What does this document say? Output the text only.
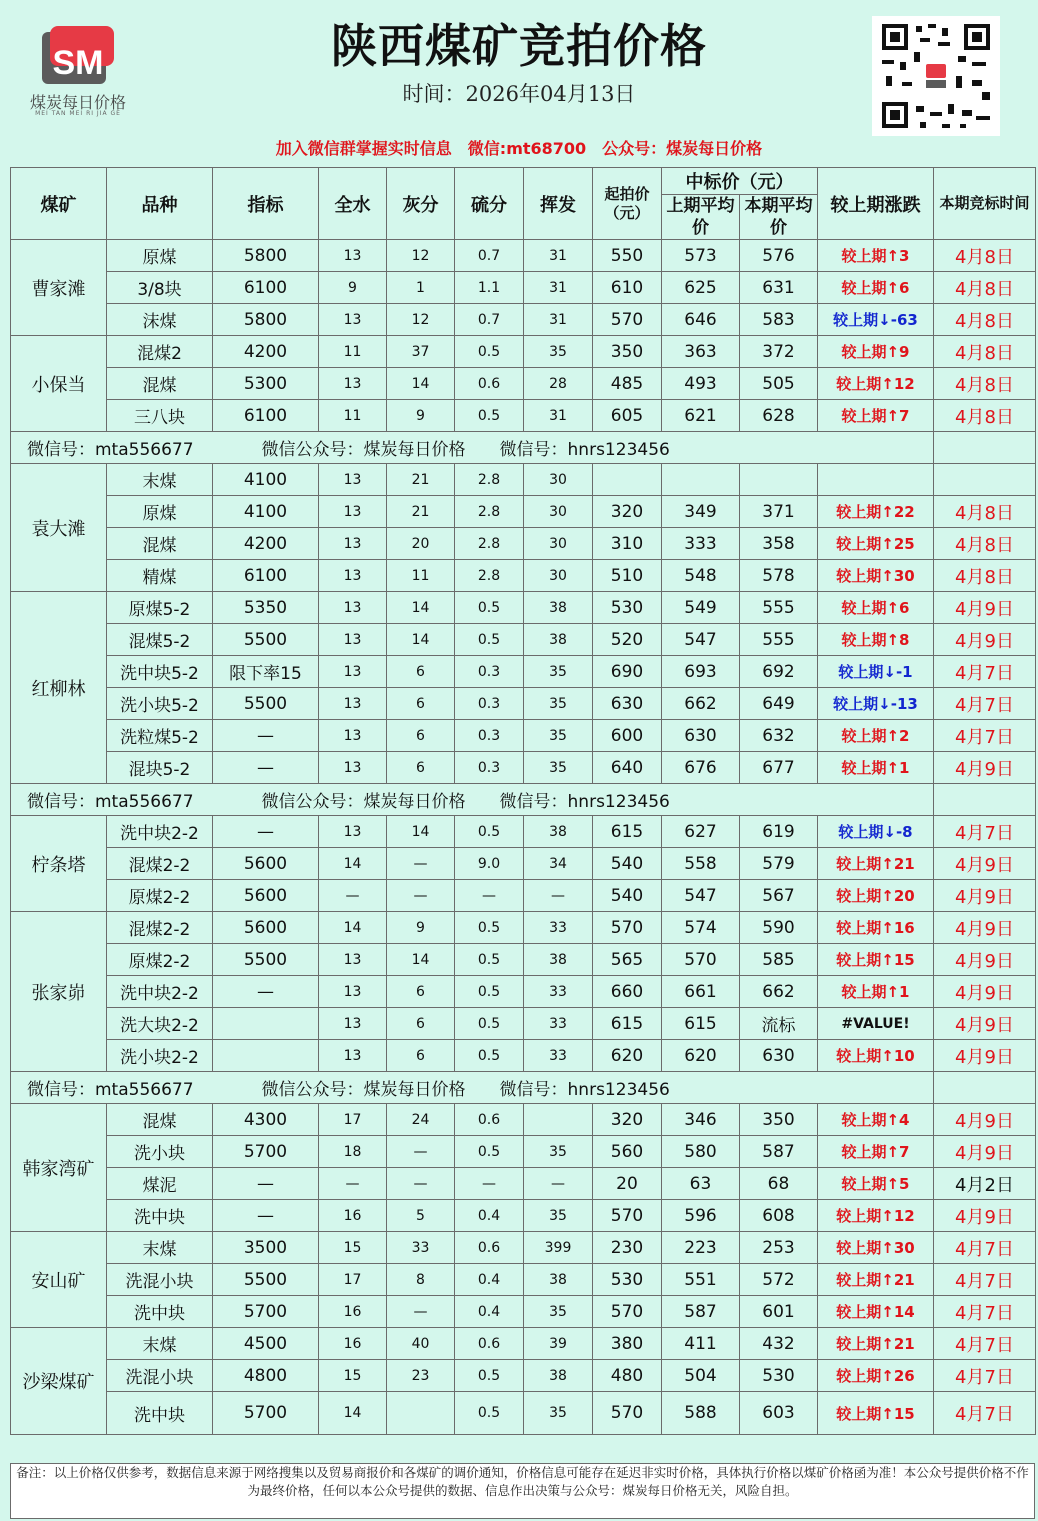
SM
煤炭每日价格
MEI TAN MEI RI JIA GE
陕西煤矿竞拍价格
时间：2026年04月13日
加入微信群掌握实时信息　微信:mt68700　公众号：煤炭每日价格
煤矿	品种	指标	全水	灰分	硫分	挥发	起拍价（元）	中标价（元）		较上期涨跌	本期竞标时间
								上期平均价	本期平均价		
曹家滩	原煤	5800	13	12	0.7	31	550	573	576	较上期↑3	4月8日
	3/8块	6100	9	1	1.1	31	610	625	631	较上期↑6	4月8日
	沫煤	5800	13	12	0.7	31	570	646	583	较上期↓-63	4月8日
小保当	混煤2	4200	11	37	0.5	35	350	363	372	较上期↑9	4月8日
	混煤	5300	13	14	0.6	28	485	493	505	较上期↑12	4月8日
	三八块	6100	11	9	0.5	31	605	621	628	较上期↑7	4月8日
微信号：mta556677　　　　微信公众号：煤炭每日价格　　微信号：hnrs123456											
袁大滩	末煤	4100	13	21	2.8	30					
	原煤	4100	13	21	2.8	30	320	349	371	较上期↑22	4月8日
	混煤	4200	13	20	2.8	30	310	333	358	较上期↑25	4月8日
	精煤	6100	13	11	2.8	30	510	548	578	较上期↑30	4月8日
红柳林	原煤5-2	5350	13	14	0.5	38	530	549	555	较上期↑6	4月9日
	混煤5-2	5500	13	14	0.5	38	520	547	555	较上期↑8	4月9日
	洗中块5-2	限下率15	13	6	0.3	35	690	693	692	较上期↓-1	4月7日
	洗小块5-2	5500	13	6	0.3	35	630	662	649	较上期↓-13	4月7日
	洗粒煤5-2	—	13	6	0.3	35	600	630	632	较上期↑2	4月7日
	混块5-2	—	13	6	0.3	35	640	676	677	较上期↑1	4月9日
微信号：mta556677　　　　微信公众号：煤炭每日价格　　微信号：hnrs123456											
柠条塔	洗中块2-2	—	13	14	0.5	38	615	627	619	较上期↓-8	4月7日
	混煤2-2	5600	14	—	9.0	34	540	558	579	较上期↑21	4月9日
	原煤2-2	5600	—	—	—	—	540	547	567	较上期↑20	4月9日
张家峁	混煤2-2	5600	14	9	0.5	33	570	574	590	较上期↑16	4月9日
	原煤2-2	5500	13	14	0.5	38	565	570	585	较上期↑15	4月9日
	洗中块2-2	—	13	6	0.5	33	660	661	662	较上期↑1	4月9日
	洗大块2-2		13	6	0.5	33	615	615	流标	#VALUE!	4月9日
	洗小块2-2		13	6	0.5	33	620	620	630	较上期↑10	4月9日
微信号：mta556677　　　　微信公众号：煤炭每日价格　　微信号：hnrs123456											
韩家湾矿	混煤	4300	17	24	0.6		320	346	350	较上期↑4	4月9日
	洗小块	5700	18	—	0.5	35	560	580	587	较上期↑7	4月9日
	煤泥	—	—	—	—	—	20	63	68	较上期↑5	4月2日
	洗中块	—	16	5	0.4	35	570	596	608	较上期↑12	4月9日
安山矿	末煤	3500	15	33	0.6	399	230	223	253	较上期↑30	4月7日
	洗混小块	5500	17	8	0.4	38	530	551	572	较上期↑21	4月7日
	洗中块	5700	16	—	0.4	35	570	587	601	较上期↑14	4月7日
沙梁煤矿	末煤	4500	16	40	0.6	39	380	411	432	较上期↑21	4月7日
	洗混小块	4800	15	23	0.5	38	480	504	530	较上期↑26	4月7日
	洗中块	5700	14		0.5	35	570	588	603	较上期↑15	4月7日
备注：以上价格仅供参考，数据信息来源于网络搜集以及贸易商报价和各煤矿的调价通知，价格信息可能存在延迟非实时价格，具体执行价格以煤矿价格函为准！本公众号提供价格不作为最终价格，任何以本公众号提供的数据、信息作出决策与公众号：煤炭每日价格无关，风险自担。
